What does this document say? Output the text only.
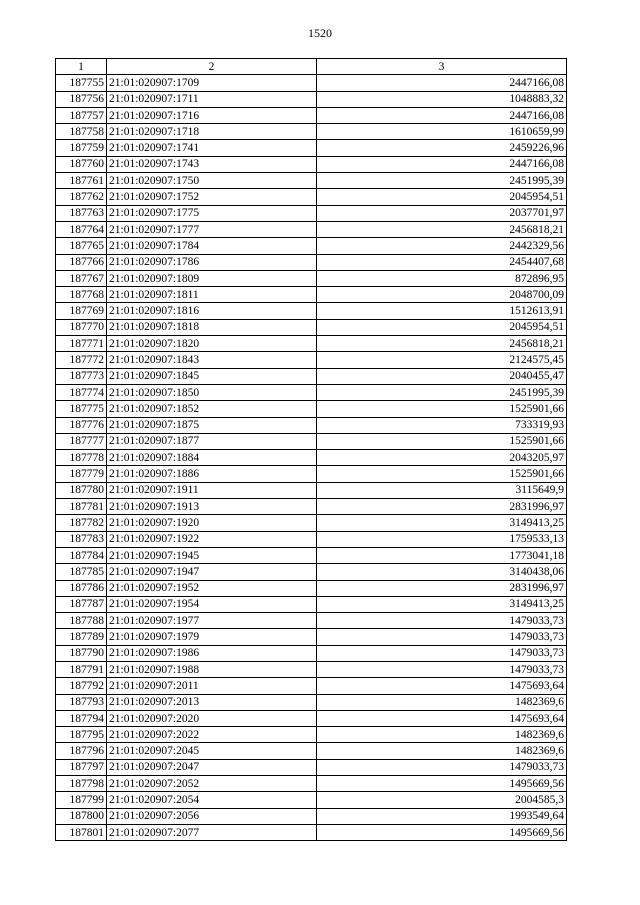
1520
1	2	3
187755	21:01:020907:1709	2447166,08
187756	21:01:020907:1711	1048883,32
187757	21:01:020907:1716	2447166,08
187758	21:01:020907:1718	1610659,99
187759	21:01:020907:1741	2459226,96
187760	21:01:020907:1743	2447166,08
187761	21:01:020907:1750	2451995,39
187762	21:01:020907:1752	2045954,51
187763	21:01:020907:1775	2037701,97
187764	21:01:020907:1777	2456818,21
187765	21:01:020907:1784	2442329,56
187766	21:01:020907:1786	2454407,68
187767	21:01:020907:1809	872896,95
187768	21:01:020907:1811	2048700,09
187769	21:01:020907:1816	1512613,91
187770	21:01:020907:1818	2045954,51
187771	21:01:020907:1820	2456818,21
187772	21:01:020907:1843	2124575,45
187773	21:01:020907:1845	2040455,47
187774	21:01:020907:1850	2451995,39
187775	21:01:020907:1852	1525901,66
187776	21:01:020907:1875	733319,93
187777	21:01:020907:1877	1525901,66
187778	21:01:020907:1884	2043205,97
187779	21:01:020907:1886	1525901,66
187780	21:01:020907:1911	3115649,9
187781	21:01:020907:1913	2831996,97
187782	21:01:020907:1920	3149413,25
187783	21:01:020907:1922	1759533,13
187784	21:01:020907:1945	1773041,18
187785	21:01:020907:1947	3140438,06
187786	21:01:020907:1952	2831996,97
187787	21:01:020907:1954	3149413,25
187788	21:01:020907:1977	1479033,73
187789	21:01:020907:1979	1479033,73
187790	21:01:020907:1986	1479033,73
187791	21:01:020907:1988	1479033,73
187792	21:01:020907:2011	1475693,64
187793	21:01:020907:2013	1482369,6
187794	21:01:020907:2020	1475693,64
187795	21:01:020907:2022	1482369,6
187796	21:01:020907:2045	1482369,6
187797	21:01:020907:2047	1479033,73
187798	21:01:020907:2052	1495669,56
187799	21:01:020907:2054	2004585,3
187800	21:01:020907:2056	1993549,64
187801	21:01:020907:2077	1495669,56
